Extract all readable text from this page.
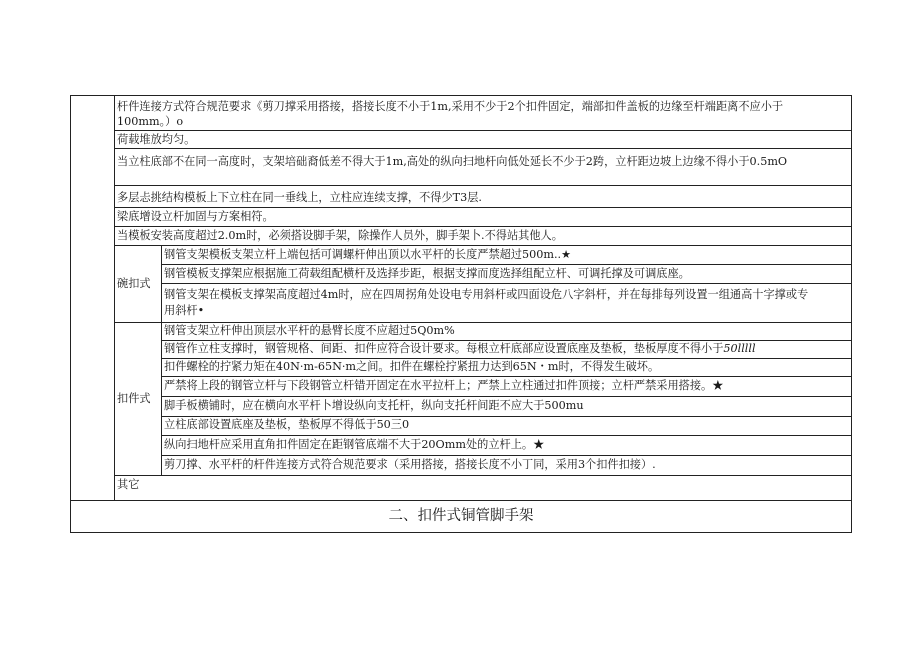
杆件连接方式符合规范要求《剪刀撑采用搭接，搭接长度不小于1m,采用不少于2个扣件固定，端部扣件盖板的边缘至杆端距离不应小于
100mm。）o
荷载堆放均匀。
当立柱底部不在同一高度时，支架培础裔低差不得大于1m,高处的纵向扫地杆向低处延长不少于2跨，立杆距边坡上边缘不得小于0.5mO
多层忐挑结构模板上下立柱在同一垂线上，立柱应连续支撑，不得少T3层.
梁底增设立杆加固与方案相符。
当模板安装高度超过2.0m时，必须搭设脚手架，除操作人员外，脚手架卜.不得站其他人。
碗扣式
钢管支架模板支架立杆上端包括可调螺杆伸出顶以水平杆的长度严禁超过500m..★
钢管模板支撑架应根据施工荷载组配横杆及选择步距，根据支撑而度选择组配立杆、可调托撑及可调底座。
钢管支架在模板支撑架高度超过4m时，应在四周拐角处设电专用斜杆或四面设危八字斜杆，并在每排每列设置一组通高十字撑或专
用斜杆•
扣件式
钢管支架立杆伸出顶层水平杆的悬臂长度不应超过5Q0m%
钢管作立柱支撑时，钢管规格、间距、扣件应符合设计要求。每根立杆底部应设置底座及垫板，垫板厚度不得小于50lllll
扣件螺栓的拧紧力矩在40N·m-65N·m之间。扣件在螺栓拧紧扭力达到65N・m时，不得发生破坏。
严禁将上段的钢管立杆与下段钢管立杆错开固定在水平拉杆上；严禁上立柱通过扣件顶接；立杆严禁采用搭接。★
脚手板横铺时，应在横向水平杆卜增设纵向支托杆，纵向支托杆间距不应大于500mu
立柱底部设置底座及垫板，垫板厚不得低于50三0
纵向扫地杆应采用直角扣件固定在距钢管底端不大于20Omm处的立杆上。★
剪刀撑、水平杆的杆件连接方式符合规范要求（采用搭接，搭接长度不小丁同，采用3个扣件扣接）.
其它
二、扣件式铜管脚手架
